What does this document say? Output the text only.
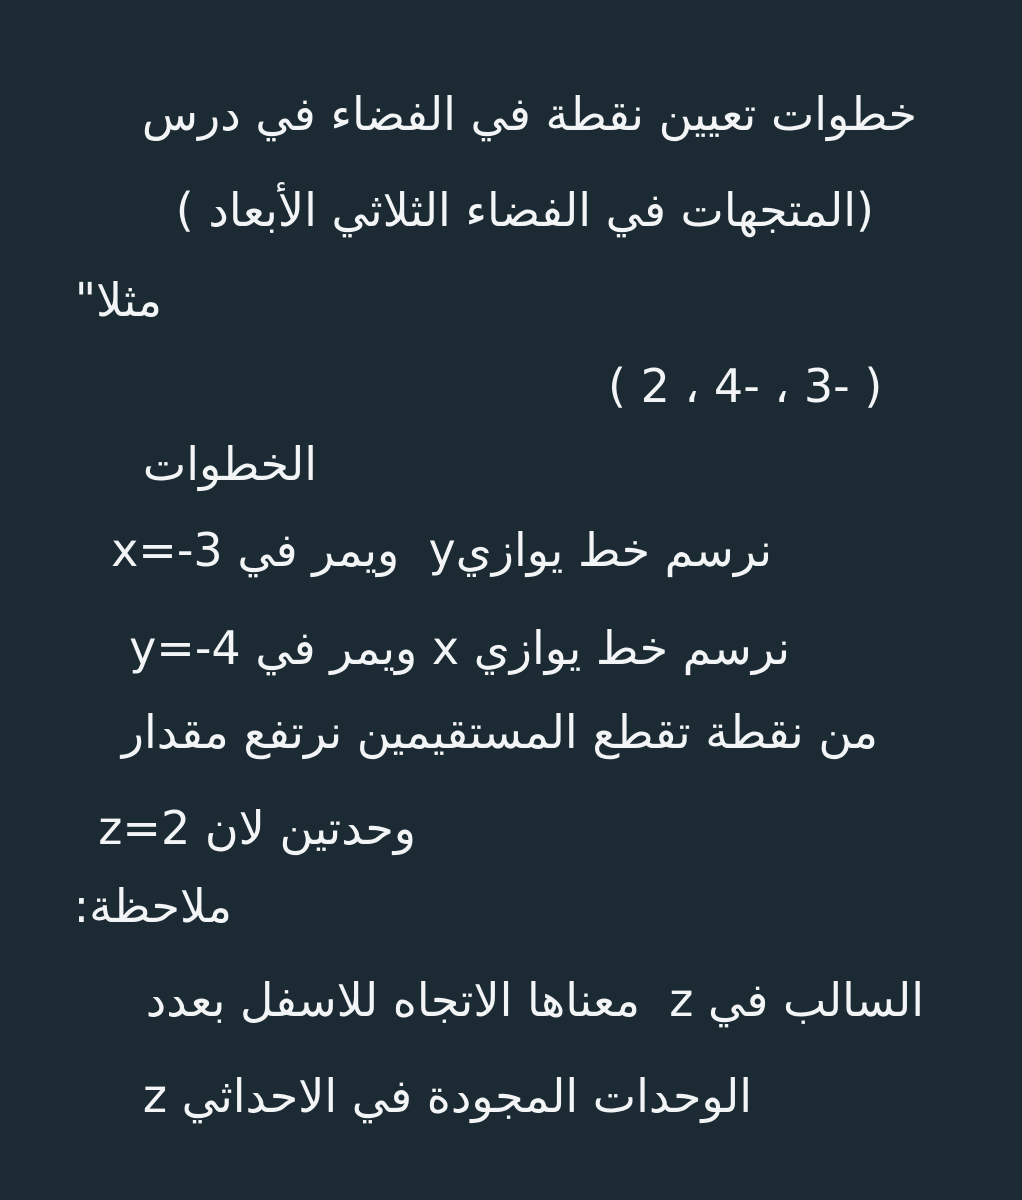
خطوات تعيين نقطة في الفضاء في درس
(المتجهات في الفضاء الثلاثي الأبعاد )
مثلا"
( 2 ، 4- ، 3- )
الخطوات
نرسم خط يوازيy  ويمر في x=-3
نرسم خط يوازي x ويمر في y=-4
من نقطة تقطع المستقيمين نرتفع مقدار
وحدتين لان z=2
ملاحظة:
السالب في z  معناها الاتجاه للاسفل بعدد
الوحدات المجودة في الاحداثي z
